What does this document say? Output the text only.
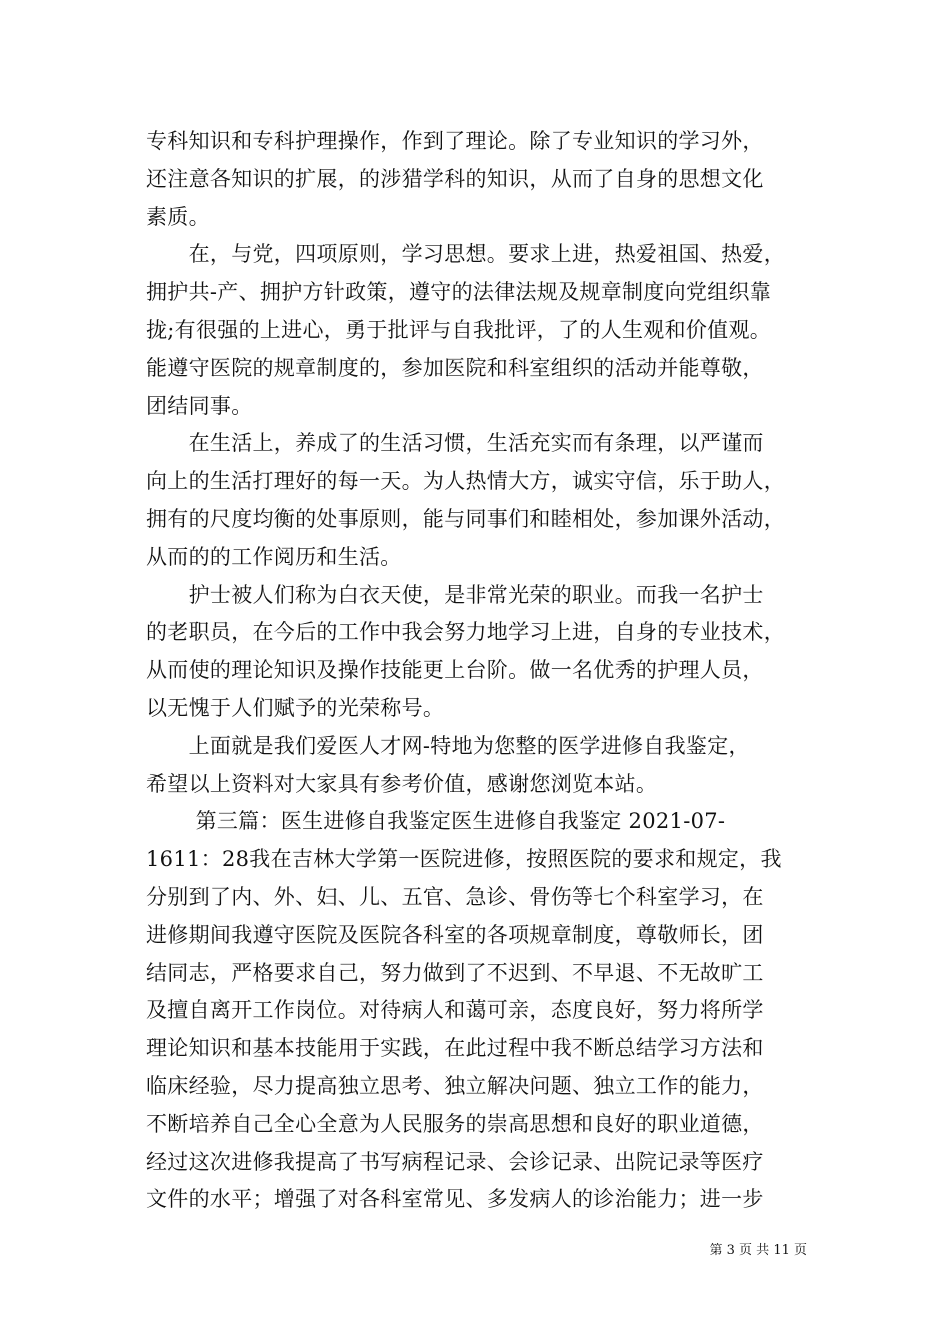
专科知识和专科护理操作，作到了理论。除了专业知识的学习外，
还注意各知识的扩展，的涉猎学科的知识，从而了自身的思想文化
素质。
　　在，与党，四项原则，学习思想。要求上进，热爱祖国、热爱，
拥护共-产、拥护方针政策，遵守的法律法规及规章制度向党组织靠
拢;有很强的上进心，勇于批评与自我批评，了的人生观和价值观。
能遵守医院的规章制度的，参加医院和科室组织的活动并能尊敬，
团结同事。
　　在生活上，养成了的生活习惯，生活充实而有条理，以严谨而
向上的生活打理好的每一天。为人热情大方，诚实守信，乐于助人，
拥有的尺度均衡的处事原则，能与同事们和睦相处，参加课外活动，
从而的的工作阅历和生活。
　　护士被人们称为白衣天使，是非常光荣的职业。而我一名护士
的老职员，在今后的工作中我会努力地学习上进，自身的专业技术，
从而使的理论知识及操作技能更上台阶。做一名优秀的护理人员，
以无愧于人们赋予的光荣称号。
　　上面就是我们爱医人才网-特地为您整的医学进修自我鉴定，
希望以上资料对大家具有参考价值，感谢您浏览本站。
　　 第三篇：医生进修自我鉴定医生进修自我鉴定 2021-07-
1611：28我在吉林大学第一医院进修，按照医院的要求和规定，我
分别到了内、外、妇、儿、五官、急诊、骨伤等七个科室学习，在
进修期间我遵守医院及医院各科室的各项规章制度，尊敬师长，团
结同志，严格要求自己，努力做到了不迟到、不早退、不无故旷工
及擅自离开工作岗位。对待病人和蔼可亲，态度良好，努力将所学
理论知识和基本技能用于实践，在此过程中我不断总结学习方法和
临床经验，尽力提高独立思考、独立解决问题、独立工作的能力，
不断培养自己全心全意为人民服务的崇高思想和良好的职业道德，
经过这次进修我提高了书写病程记录、会诊记录、出院记录等医疗
文件的水平；增强了对各科室常见、多发病人的诊治能力；进一步
第 3 页 共 11 页
